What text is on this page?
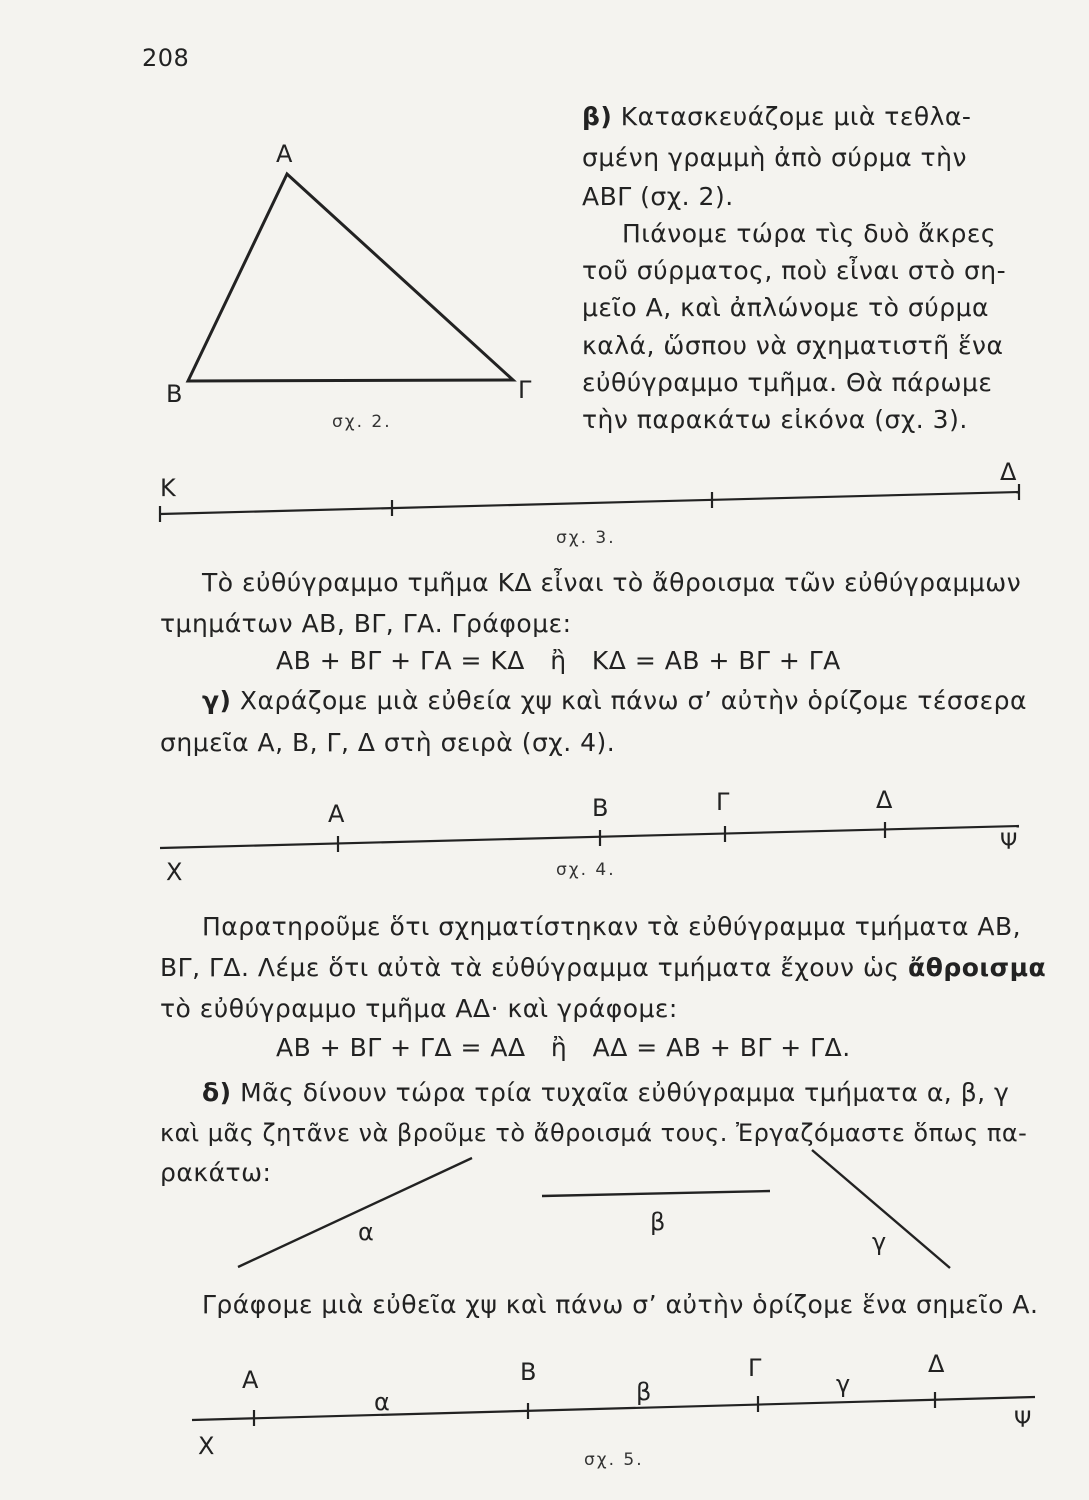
208
Α
Β	Γ
σχ. 2.
β) Κατασκευάζομε μιὰ τεθλα-
σμένη γραμμὴ ἀπὸ σύρμα τὴν
ΑΒΓ (σχ. 2).
Πιάνομε τώρα τὶς δυὸ ἄκρες
τοῦ σύρματος, ποὺ εἶναι στὸ ση-
μεῖο Α, καὶ ἀπλώνομε τὸ σύρμα
καλά, ὥσπου νὰ σχηματιστῆ ἕνα
εὐθύγραμμο τμῆμα. Θὰ πάρωμε
τὴν παρακάτω εἰκόνα (σχ. 3).
Κ
Δ
σχ. 3.
Τὸ εὐθύγραμμο τμῆμα ΚΔ εἶναι τὸ ἄθροισμα τῶν εὐθύγραμμων
τμημάτων ΑΒ, ΒΓ, ΓΑ. Γράφομε:
ΑΒ + ΒΓ + ΓΑ = ΚΔ   ἢ   ΚΔ = ΑΒ + ΒΓ + ΓΑ
γ) Χαράζομε μιὰ εὐθεία χψ καὶ πάνω σ’ αὐτὴν ὁρίζομε τέσσερα
σημεῖα Α, Β, Γ, Δ στὴ σειρὰ (σχ. 4).
Α	Β	Γ	Δ
Χ
Ψ
σχ. 4.
Παρατηροῦμε ὅτι σχηματίστηκαν τὰ εὐθύγραμμα τμήματα ΑΒ,
ΒΓ, ΓΔ. Λέμε ὅτι αὐτὰ τὰ εὐθύγραμμα τμήματα ἔχουν ὡς ἄθροισμα
τὸ εὐθύγραμμο τμῆμα ΑΔ· καὶ γράφομε:
ΑΒ + ΒΓ + ΓΔ = ΑΔ   ἢ   ΑΔ = ΑΒ + ΒΓ + ΓΔ.
δ) Μᾶς δίνουν τώρα τρία τυχαῖα εὐθύγραμμα τμήματα α, β, γ
καὶ μᾶς ζητᾶνε νὰ βροῦμε τὸ ἄθροισμά τους. Ἐργαζόμαστε ὅπως πα-
ρακάτω:
α	β
γ
Γράφομε μιὰ εὐθεῖα χψ καὶ πάνω σ’ αὐτὴν ὁρίζομε ἕνα σημεῖο Α.
Α
α
Β
β
Γ
γ
Δ
Χ
Ψ
σχ. 5.
